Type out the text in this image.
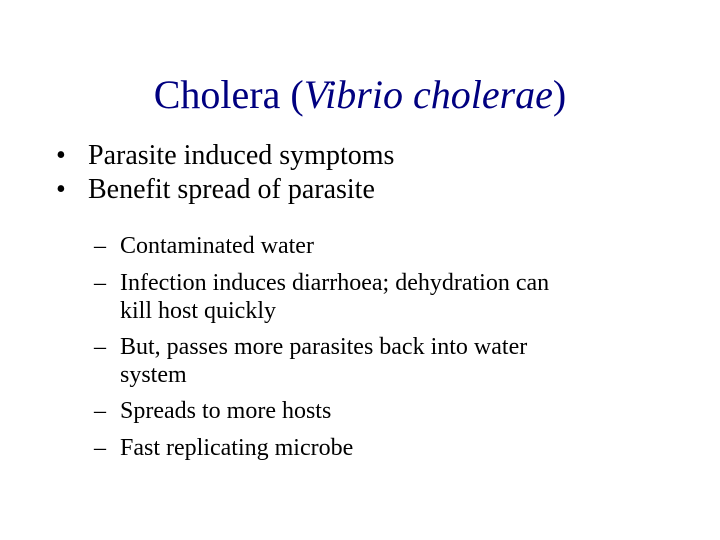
Cholera (Vibrio cholerae)
• Parasite induced symptoms
• Benefit spread of parasite
– Contaminated water
– Infection induces diarrhoea; dehydration can
kill host quickly
– But, passes more parasites back into water
system
– Spreads to more hosts
– Fast replicating microbe
